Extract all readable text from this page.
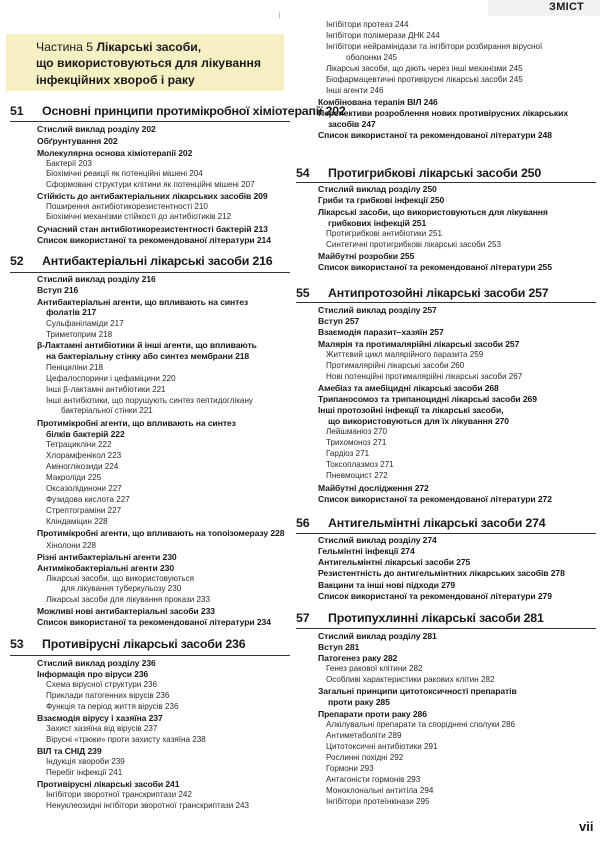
ЗМІСТ
⁄
Частина 5 Лікарські засоби,
що використовуються для лікування
інфекційних хвороб і раку
51 Основні принципи протимікробної хіміотерапії 202
Стислий виклад розділу 202
Обґрунтування 202
Молекулярна основа хіміотерапії 202
Бактерії 203
Біохімічні реакції як потенційні мішені 204
Сформовані структури клітини як потенційні мішені 207
Стійкість до антибактеріальних лікарських засобів 209
Поширення антибіотикорезистентності 210
Біохімічні механізми стійкості до антибіотиків 212
Сучасний стан антибіотикорезистентності бактерій 213
Список використаної та рекомендованої літератури 214
52 Антибактеріальні лікарські засоби 216
Стислий виклад розділу 216
Вступ 216
Антибактеріальні агенти, що впливають на синтез
фолатів 217
Сульфаніламіди 217
Триметоприм 218
β-Лактамні антибіотики й інші агенти, що впливають
на бактеріальну стінку або синтез мембрани 218
Пеніциліни 218
Цефалоспорини і цефаміцини 220
Інші β-лактамні антибіотики 221
Інші антибіотики, що порушують синтез пептидоглікану
бактеріальної стінки 221
Протимікробні агенти, що впливають на синтез
білків бактерій 222
Тетрацикліни 222
Хлорамфенікол 223
Аміноглікозиди 224
Макроліди 225
Оксазолідинони 227
Фузидова кислота 227
Стрептограміни 227
Кліндаміцин 228
Протимікробні агенти, що впливають на топоізомеразу 228
Хінолони 228
Різні антибактеріальні агенти 230
Антимікобактеріальні агенти 230
Лікарські засоби, що використовуються
для лікування туберкульозу 230
Лікарські засоби для лікування прокази 233
Можливі нові антибактеріальні засоби 233
Список використаної та рекомендованої літератури 234
53 Противірусні лікарські засоби 236
Стислий виклад розділу 236
Інформація про віруси 236
Схема вірусної структури 236
Приклади патогенних вірусів 236
Функція та період життя вірусів 236
Взаємодія вірусу і хазяїна 237
Захист хазяїна від вірусів 237
Вірусні «трюки» проти захисту хазяїна 238
ВІЛ та СНІД 239
Індукція хвороби 239
Перебіг інфекції 241
Противірусні лікарські засоби 241
Інгібітори зворотної транскриптази 242
Ненуклеозидні інгібітори зворотної транскриптази 243
Інгібітори протеаз 244
Інгібітори полімерази ДНК 244
Інгібітори нейрамінідази та інгібітори розбирання вірусної
оболонки 245
Лікарські засоби, що діють через інші механізми 245
Біофармацевтичні противірусні лікарські засоби 245
Інші агенти 246
Комбінована терапія ВІЛ 246
Перспективи розроблення нових противірусних лікарських
засобів 247
Список використаної та рекомендованої літератури 248
54 Протигрибкові лікарські засоби 250
Стислий виклад розділу 250
Гриби та грибкові інфекції 250
Лікарські засоби, що використовуються для лікування
грибкових інфекцій 251
Протигрибкові антибіотики 251
Синтетичні протигрибкові лікарські засоби 253
Майбутні розробки 255
Список використаної та рекомендованої літератури 255
55 Антипротозойні лікарські засоби 257
Стислий виклад розділу 257
Вступ 257
Взаємодія паразит–хазяїн 257
Малярія та протималярійні лікарські засоби 257
Життєвий цикл малярійного паразита 259
Протималярійні лікарські засоби 260
Нові потенційні протималярійні лікарські засоби 267
Амебіаз та амебіцидні лікарські засоби 268
Трипаносомоз та трипаноцидні лікарські засоби 269
Інші протозойні інфекції та лікарські засоби,
що використовуються для їх лікування 270
Лейшманіоз 270
Трихомоноз 271
Гардіоз 271
Токсоплазмоз 271
Пневмоцист 272
Майбутні дослідження 272
Список використаної та рекомендованої літератури 272
56 Антигельмінтні лікарські засоби 274
Стислий виклад розділу 274
Гельмінтні інфекції 274
Антигельмінтні лікарські засоби 275
Резистентність до антигельмінтних лікарських засобів 278
Вакцини та інші нові підходи 279
Список використаної та рекомендованої літератури 279
57 Протипухлинні лікарські засоби 281
Стислий виклад розділу 281
Вступ 281
Патогенез раку 282
Генез ракової клітини 282
Особливі характеристики ракових клітин 282
Загальні принципи цитотоксичності препаратів
проти раку 285
Препарати проти раку 286
Алкілувальні препарати та споріднені сполуки 286
Антиметаболіти 289
Цитотоксичні антибіотики 291
Рослинні похідні 292
Гормони 293
Антагоністи гормонів 293
Моноклональні антитіла 294
Інгібітори протеїнкінази 295
vii
